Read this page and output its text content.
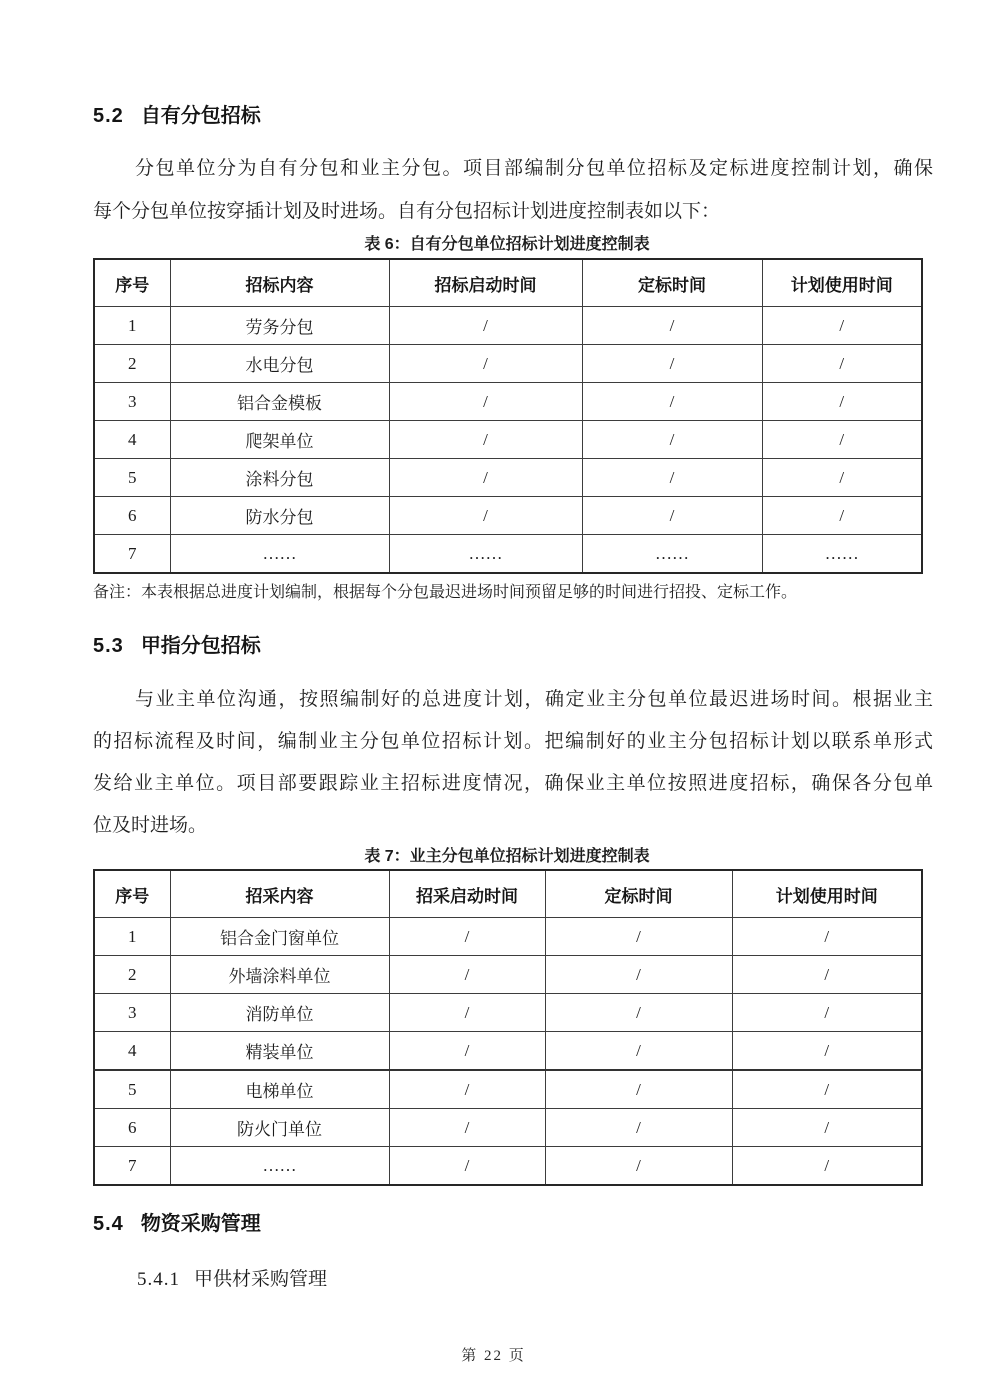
5.2 自有分包招标

分包单位分为自有分包和业主分包。项目部编制分包单位招标及定标进度控制计划，确保
每个分包单位按穿插计划及时进场。自有分包招标计划进度控制表如以下：

表 6：自有分包单位招标计划进度控制表
序号	招标内容	招标启动时间	定标时间	计划使用时间
1	劳务分包	/	/	/
2	水电分包	/	/	/
3	铝合金模板	/	/	/
4	爬架单位	/	/	/
5	涂料分包	/	/	/
6	防水分包	/	/	/
7	……	……	……	……
备注：本表根据总进度计划编制，根据每个分包最迟进场时间预留足够的时间进行招投、定标工作。
5.3 甲指分包招标

与业主单位沟通，按照编制好的总进度计划，确定业主分包单位最迟进场时间。根据业主
的招标流程及时间，编制业主分包单位招标计划。把编制好的业主分包招标计划以联系单形式
发给业主单位。项目部要跟踪业主招标进度情况，确保业主单位按照进度招标，确保各分包单
位及时进场。

表 7：业主分包单位招标计划进度控制表
序号	招采内容	招采启动时间	定标时间	计划使用时间
1	铝合金门窗单位	/	/	/
2	外墙涂料单位	/	/	/
3	消防单位	/	/	/
4	精装单位	/	/	/
5	电梯单位	/	/	/
6	防火门单位	/	/	/
7	……	/	/	/
5.4 物资采购管理
5.4.1 甲供材采购管理
第 22 页
